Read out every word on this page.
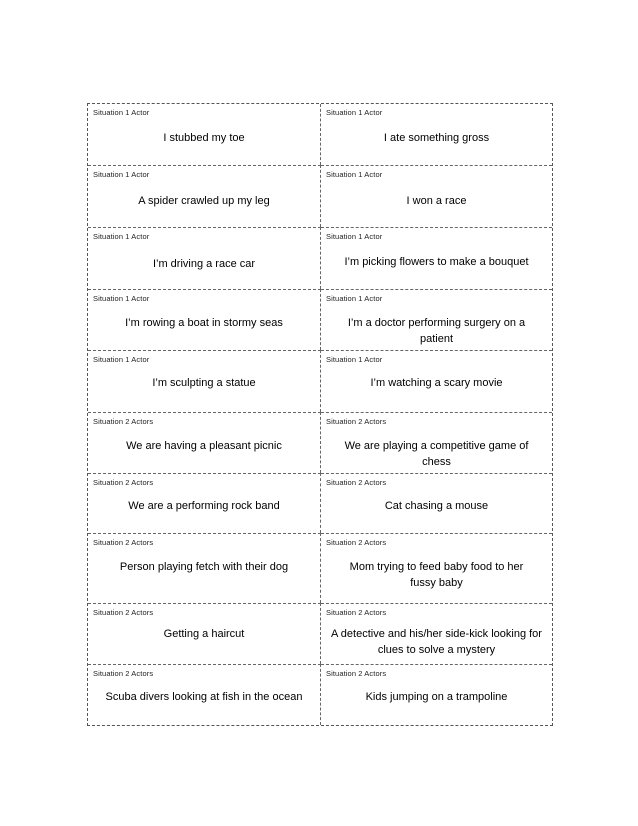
Situation 1 Actor
I stubbed my toe
Situation 1 Actor
I ate something gross
Situation 1 Actor
A spider crawled up my leg
Situation 1 Actor
I won a race
Situation 1 Actor
I’m driving a race car
Situation 1 Actor
I’m picking flowers to make a bouquet
Situation 1 Actor
I’m rowing a boat in stormy seas
Situation 1 Actor
I’m a doctor performing surgery on a patient
Situation 1 Actor
I’m sculpting a statue
Situation 1 Actor
I’m watching a scary movie
Situation 2 Actors
We are having a pleasant picnic
Situation 2 Actors
We are playing a competitive game of chess
Situation 2 Actors
We are a performing rock band
Situation 2 Actors
Cat chasing a mouse
Situation 2 Actors
Person playing fetch with their dog
Situation 2 Actors
Mom trying to feed baby food to her fussy baby
Situation 2 Actors
Getting a haircut
Situation 2 Actors
A detective and his/her side-kick looking for clues to solve a mystery
Situation 2 Actors
Scuba divers looking at fish in the ocean
Situation 2 Actors
Kids jumping on a trampoline
